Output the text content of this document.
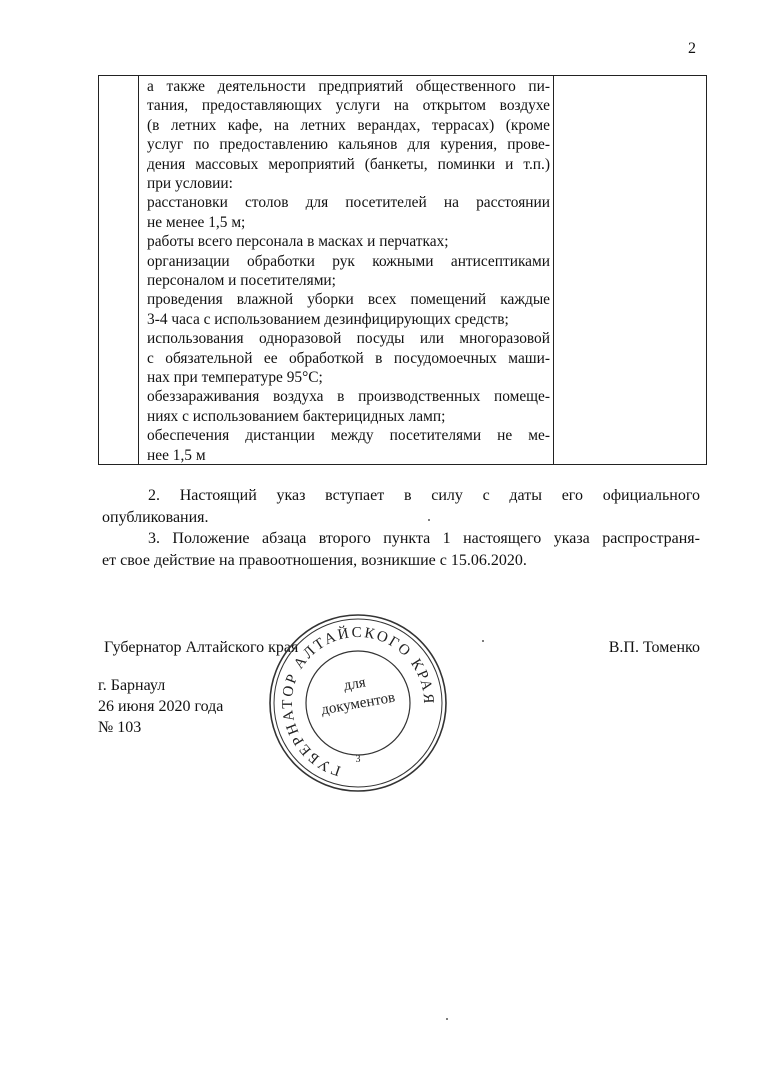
2
а также деятельности предприятий общественного пи-
тания, предоставляющих услуги на открытом воздухе
(в летних кафе, на летних верандах, террасах) (кроме
услуг по предоставлению кальянов для курения, прове-
дения массовых мероприятий (банкеты, поминки и т.п.)
при условии:
расстановки столов для посетителей на расстоянии
не менее 1,5 м;
работы всего персонала в масках и перчатках;
организации обработки рук кожными антисептиками
персоналом и посетителями;
проведения влажной уборки всех помещений каждые
3-4 часа с использованием дезинфицирующих средств;
использования одноразовой посуды или многоразовой
с обязательной ее обработкой в посудомоечных маши-
нах при температуре 95°С;
обеззараживания воздуха в производственных помеще-
ниях с использованием бактерицидных ламп;
обеспечения дистанции между посетителями не ме-
нее 1,5 м
2. Настоящий указ вступает в силу с даты его официального
опубликования.
3. Положение абзаца второго пункта 1 настоящего указа распространя-
ет свое действие на правоотношения, возникшие с 15.06.2020.
Губернатор Алтайского края	В.П. Томенко
г. Барнаул
26 июня 2020 года
№ 103
ГУБЕРНАТОР АЛТАЙСКОГО КРАЯ
для
документов
3
